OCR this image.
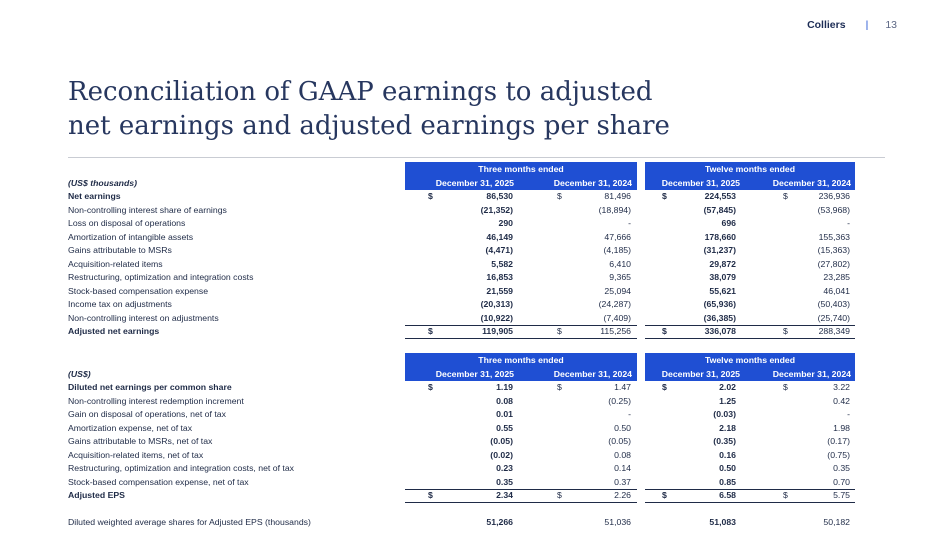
Colliers | 13
Reconciliation of GAAP earnings to adjusted
net earnings and adjusted earnings per share
Three months ended	Twelve months ended
(US$ thousands)	December 31, 2025	December 31, 2024	December 31, 2025	December 31, 2024
Net earnings	$	86,530	$	81,496	$	224,553	$	236,936
Non-controlling interest share of earnings	(21,352)	(18,894)	(57,845)	(53,968)
Loss on disposal of operations	290	-	696	-
Amortization of intangible assets	46,149	47,666	178,660	155,363
Gains attributable to MSRs	(4,471)	(4,185)	(31,237)	(15,363)
Acquisition-related items	5,582	6,410	29,872	(27,802)
Restructuring, optimization and integration costs	16,853	9,365	38,079	23,285
Stock-based compensation expense	21,559	25,094	55,621	46,041
Income tax on adjustments	(20,313)	(24,287)	(65,936)	(50,403)
Non-controlling interest on adjustments	(10,922)	(7,409)	(36,385)	(25,740)
Adjusted net earnings	$	119,905	$	115,256	$	336,078	$	288,349
Three months ended	Twelve months ended
(US$)	December 31, 2025	December 31, 2024	December 31, 2025	December 31, 2024
Diluted net earnings per common share	$	1.19	$	1.47	$	2.02	$	3.22
Non-controlling interest redemption increment	0.08	(0.25)	1.25	0.42
Gain on disposal of operations, net of tax	0.01	-	(0.03)	-
Amortization expense, net of tax	0.55	0.50	2.18	1.98
Gains attributable to MSRs, net of tax	(0.05)	(0.05)	(0.35)	(0.17)
Acquisition-related items, net of tax	(0.02)	0.08	0.16	(0.75)
Restructuring, optimization and integration costs, net of tax	0.23	0.14	0.50	0.35
Stock-based compensation expense, net of tax	0.35	0.37	0.85	0.70
Adjusted EPS	$	2.34	$	2.26	$	6.58	$	5.75
Diluted weighted average shares for Adjusted EPS (thousands)	51,266	51,036	51,083	50,182
